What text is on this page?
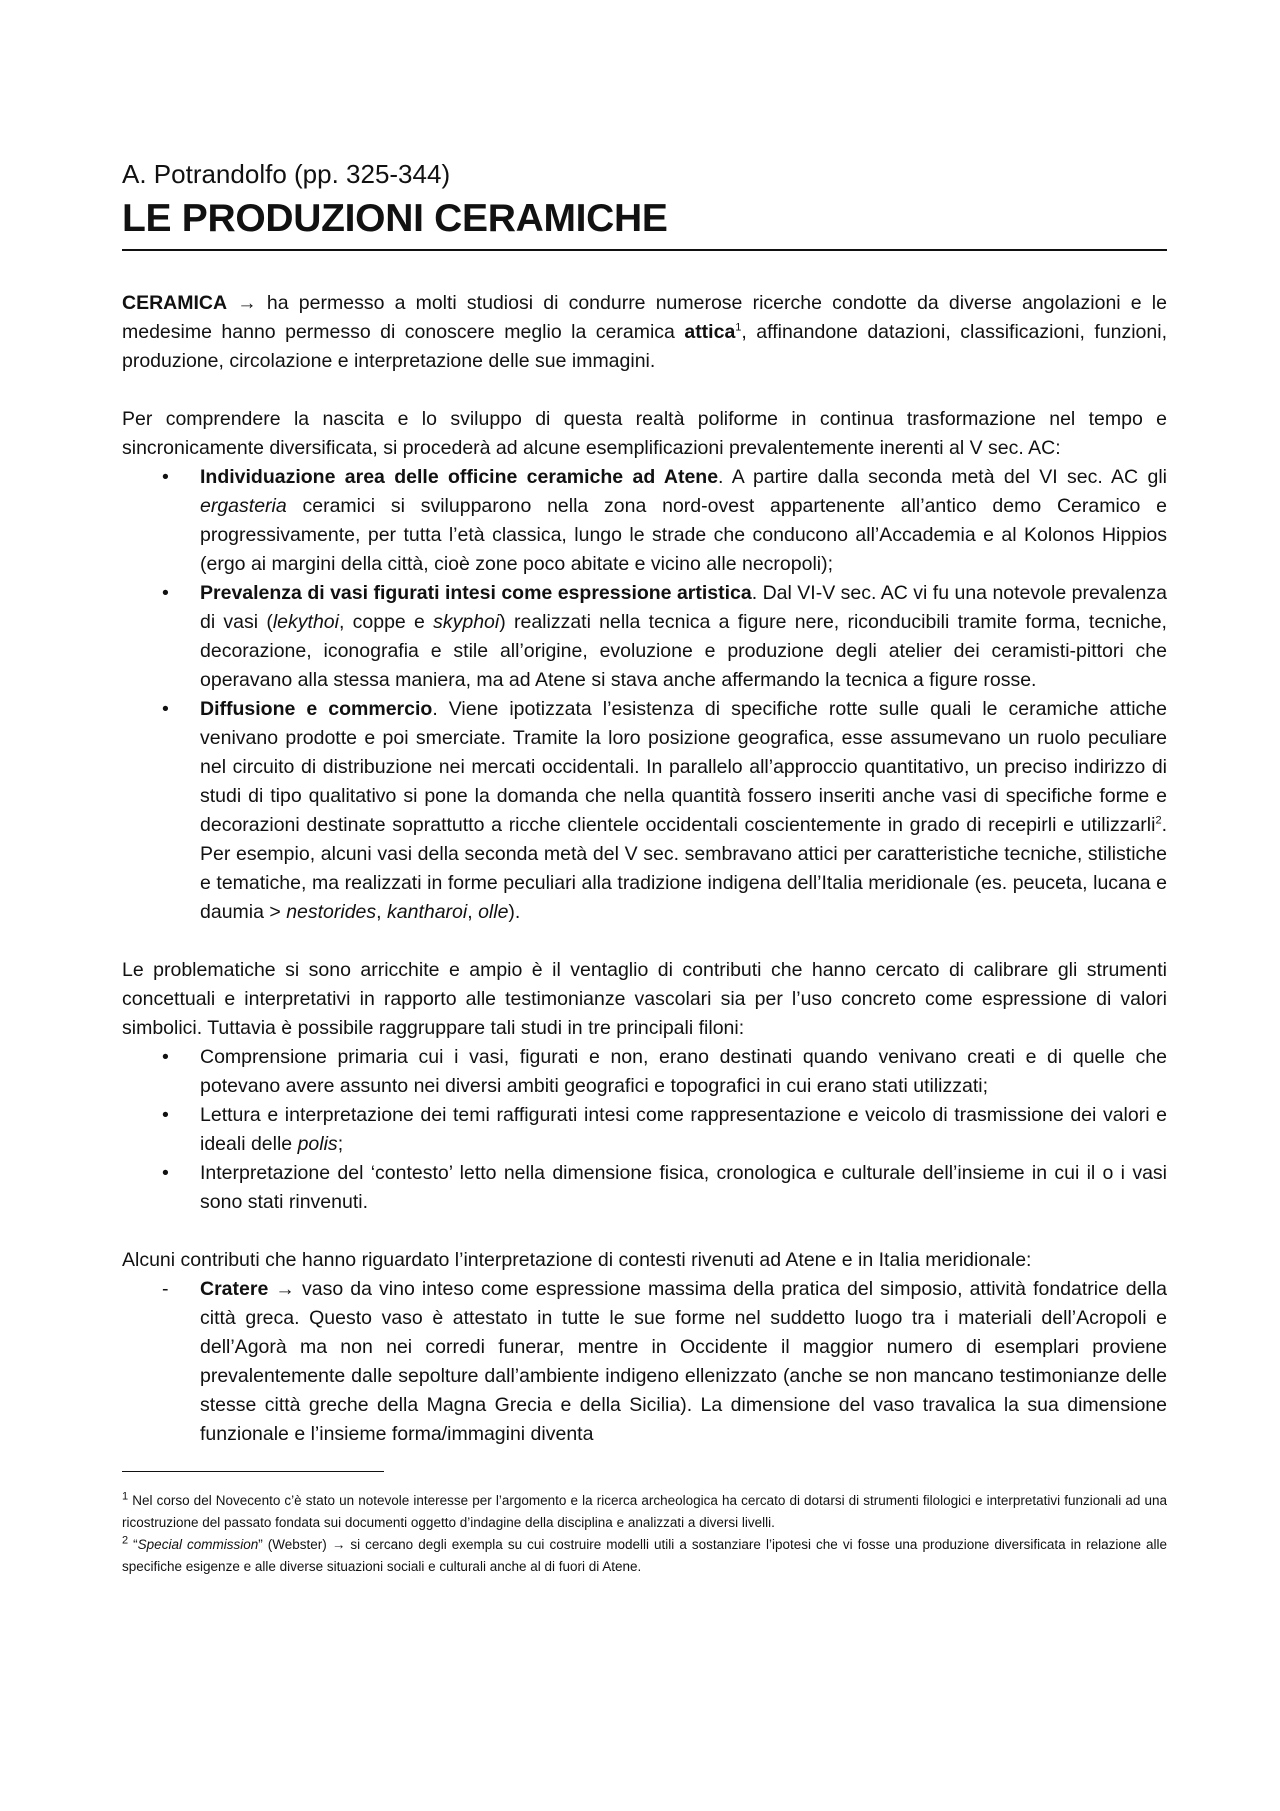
A. Potrandolfo (pp. 325-344)
LE PRODUZIONI CERAMICHE

CERAMICA → ha permesso a molti studiosi di condurre numerose ricerche condotte da diverse angolazioni e le medesime hanno permesso di conoscere meglio la ceramica attica$^1$, affinandone datazioni, classificazioni, funzioni, produzione, circolazione e interpretazione delle sue immagini.

Per comprendere la nascita e lo sviluppo di questa realtà poliforme in continua trasformazione nel tempo e sincronicamente diversificata, si procederà ad alcune esemplificazioni prevalentemente inerenti al V sec. AC:

•	Individuazione area delle officine ceramiche ad Atene. A partire dalla seconda metà del VI sec. AC gli ergasteria ceramici si svilupparono nella zona nord-ovest appartenente all’antico demo Ceramico e progressivamente, per tutta l’età classica, lungo le strade che conducono all’Accademia e al Kolonos Hippios (ergo ai margini della città, cioè zone poco abitate e vicino alle necropoli);
•	Prevalenza di vasi figurati intesi come espressione artistica. Dal VI-V sec. AC vi fu una notevole prevalenza di vasi (lekythoi, coppe e skyphoi) realizzati nella tecnica a figure nere, riconducibili tramite forma, tecniche, decorazione, iconografia e stile all’origine, evoluzione e produzione degli atelier dei ceramisti-pittori che operavano alla stessa maniera, ma ad Atene si stava anche affermando la tecnica a figure rosse.
•	Diffusione e commercio. Viene ipotizzata l’esistenza di specifiche rotte sulle quali le ceramiche attiche venivano prodotte e poi smerciate. Tramite la loro posizione geografica, esse assumevano un ruolo peculiare nel circuito di distribuzione nei mercati occidentali. In parallelo all’approccio quantitativo, un preciso indirizzo di studi di tipo qualitativo si pone la domanda che nella quantità fossero inseriti anche vasi di specifiche forme e decorazioni destinate soprattutto a ricche clientele occidentali coscientemente in grado di recepirli e utilizzarli$^2$. Per esempio, alcuni vasi della seconda metà del V sec. sembravano attici per caratteristiche tecniche, stilistiche e tematiche, ma realizzati in forme peculiari alla tradizione indigena dell’Italia meridionale (es. peuceta, lucana e daumia > nestorides, kantharoi, olle).

Le problematiche si sono arricchite e ampio è il ventaglio di contributi che hanno cercato di calibrare gli strumenti concettuali e interpretativi in rapporto alle testimonianze vascolari sia per l’uso concreto come espressione di valori simbolici. Tuttavia è possibile raggruppare tali studi in tre principali filoni:

•	Comprensione primaria cui i vasi, figurati e non, erano destinati quando venivano creati e di quelle che potevano avere assunto nei diversi ambiti geografici e topografici in cui erano stati utilizzati;
•	Lettura e interpretazione dei temi raffigurati intesi come rappresentazione e veicolo di trasmissione dei valori e ideali delle polis;
•	Interpretazione del ‘contesto’ letto nella dimensione fisica, cronologica e culturale dell’insieme in cui il o i vasi sono stati rinvenuti.

Alcuni contributi che hanno riguardato l’interpretazione di contesti rivenuti ad Atene e in Italia meridionale:

-	Cratere → vaso da vino inteso come espressione massima della pratica del simposio, attività fondatrice della città greca. Questo vaso è attestato in tutte le sue forme nel suddetto luogo tra i materiali dell’Acropoli e dell’Agorà ma non nei corredi funerar, mentre in Occidente il maggior numero di esemplari proviene prevalentemente dalle sepolture dall’ambiente indigeno ellenizzato (anche se non mancano testimonianze delle stesse città greche della Magna Grecia e della Sicilia). La dimensione del vaso travalica la sua dimensione funzionale e l’insieme forma/immagini diventa

$^1$ Nel corso del Novecento c’è stato un notevole interesse per l’argomento e la ricerca archeologica ha cercato di dotarsi di strumenti filologici e interpretativi funzionali ad una ricostruzione del passato fondata sui documenti oggetto d’indagine della disciplina e analizzati a diversi livelli.

$^2$ “Special commission” (Webster) → si cercano degli exempla su cui costruire modelli utili a sostanziare l’ipotesi che vi fosse una produzione diversificata in relazione alle specifiche esigenze e alle diverse situazioni sociali e culturali anche al di fuori di Atene.
